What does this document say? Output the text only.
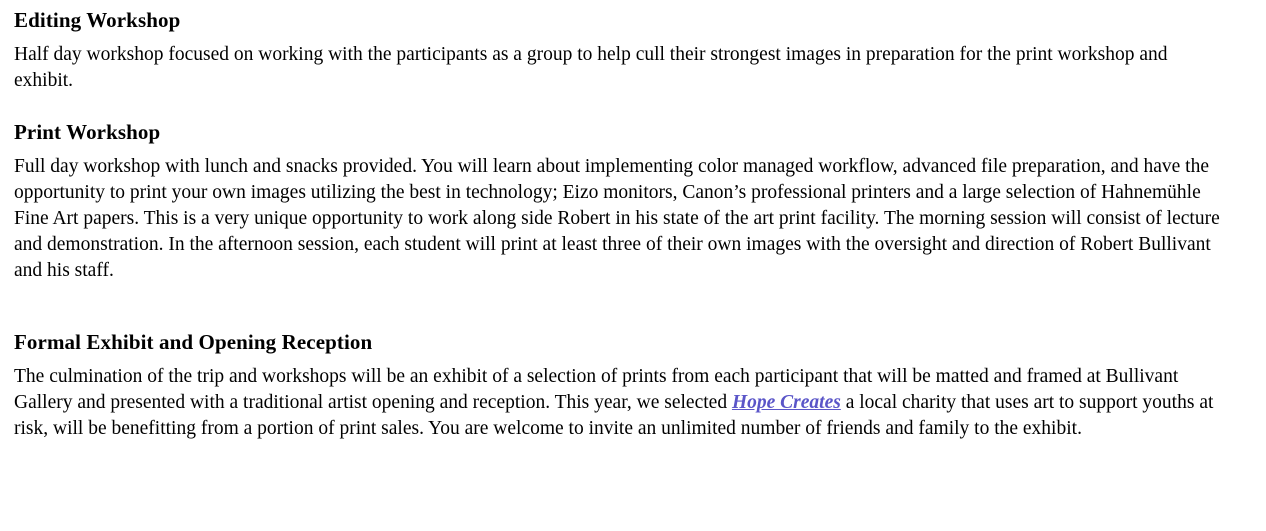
Editing Workshop

Half day workshop focused on working with the participants as a group to help cull their strongest images in preparation for the print workshop and exhibit.

Print Workshop

Full day workshop with lunch and snacks provided. You will learn about implementing color managed workflow, advanced file preparation, and have the opportunity to print your own images utilizing the best in technology; Eizo monitors, Canon’s professional printers and a large selection of Hahnemühle Fine Art papers. This is a very unique opportunity to work along side Robert in his state of the art print facility. The morning session will consist of lecture and demonstration. In the afternoon session, each student will print at least three of their own images with the oversight and direction of Robert Bullivant and his staff.

Formal Exhibit and Opening Reception

The culmination of the trip and workshops will be an exhibit of a selection of prints from each participant that will be matted and framed at Bullivant Gallery and presented with a traditional artist opening and reception. This year, we selected Hope Creates a local charity that uses art to support youths at risk, will be benefitting from a portion of print sales. You are welcome to invite an unlimited number of friends and family to the exhibit.
